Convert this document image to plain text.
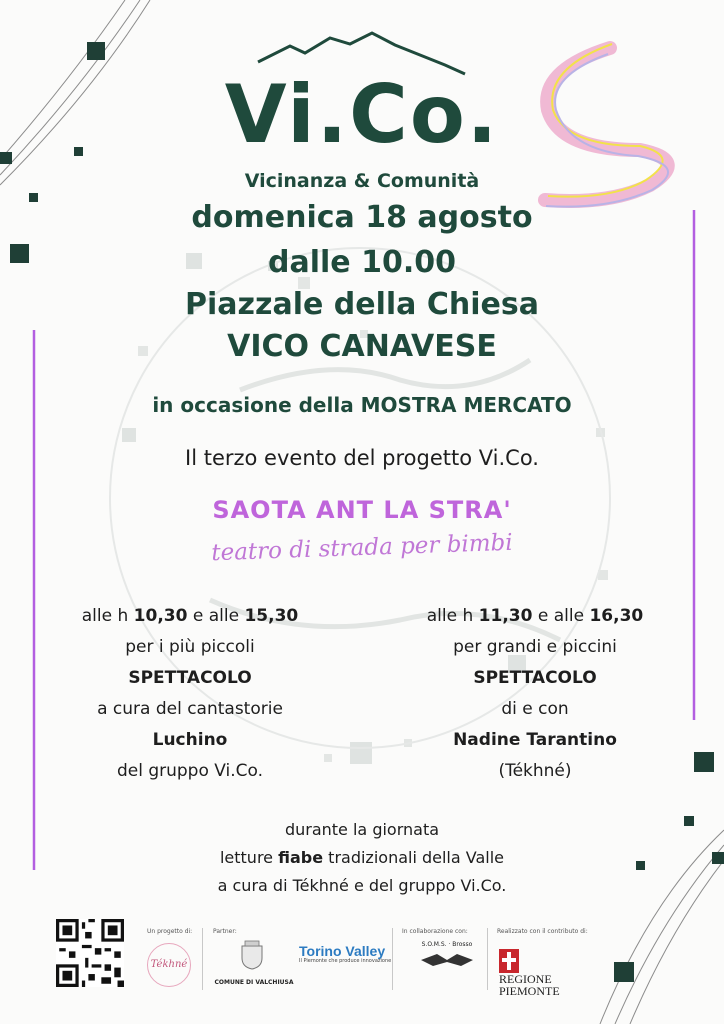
Vi.Co.
Vicinanza & Comunità
domenica 18 agosto
dalle 10.00
Piazzale della Chiesa
VICO CANAVESE
in occasione della MOSTRA MERCATO
Il terzo evento del progetto Vi.Co.
SAOTA ANT LA STRA'
teatro di strada per bimbi
alle h 10,30 e alle 15,30
per i più piccoli
SPETTACOLO
a cura del cantastorie
Luchino
del gruppo Vi.Co.
alle h 11,30 e alle 16,30
per grandi e piccini
SPETTACOLO
di e con
Nadine Tarantino
(Tékhné)
durante la giornata
letture fiabe tradizionali della Valle
a cura di Tékhné e del gruppo Vi.Co.
Un progetto di:
Tékhné
Partner:
COMUNE DI VALCHIUSA
Torino Valley
Il Piemonte che produce innovazione
In collaborazione con:
S.O.M.S. · Brosso
Realizzato con il contributo di:
REGIONE PIEMONTE
